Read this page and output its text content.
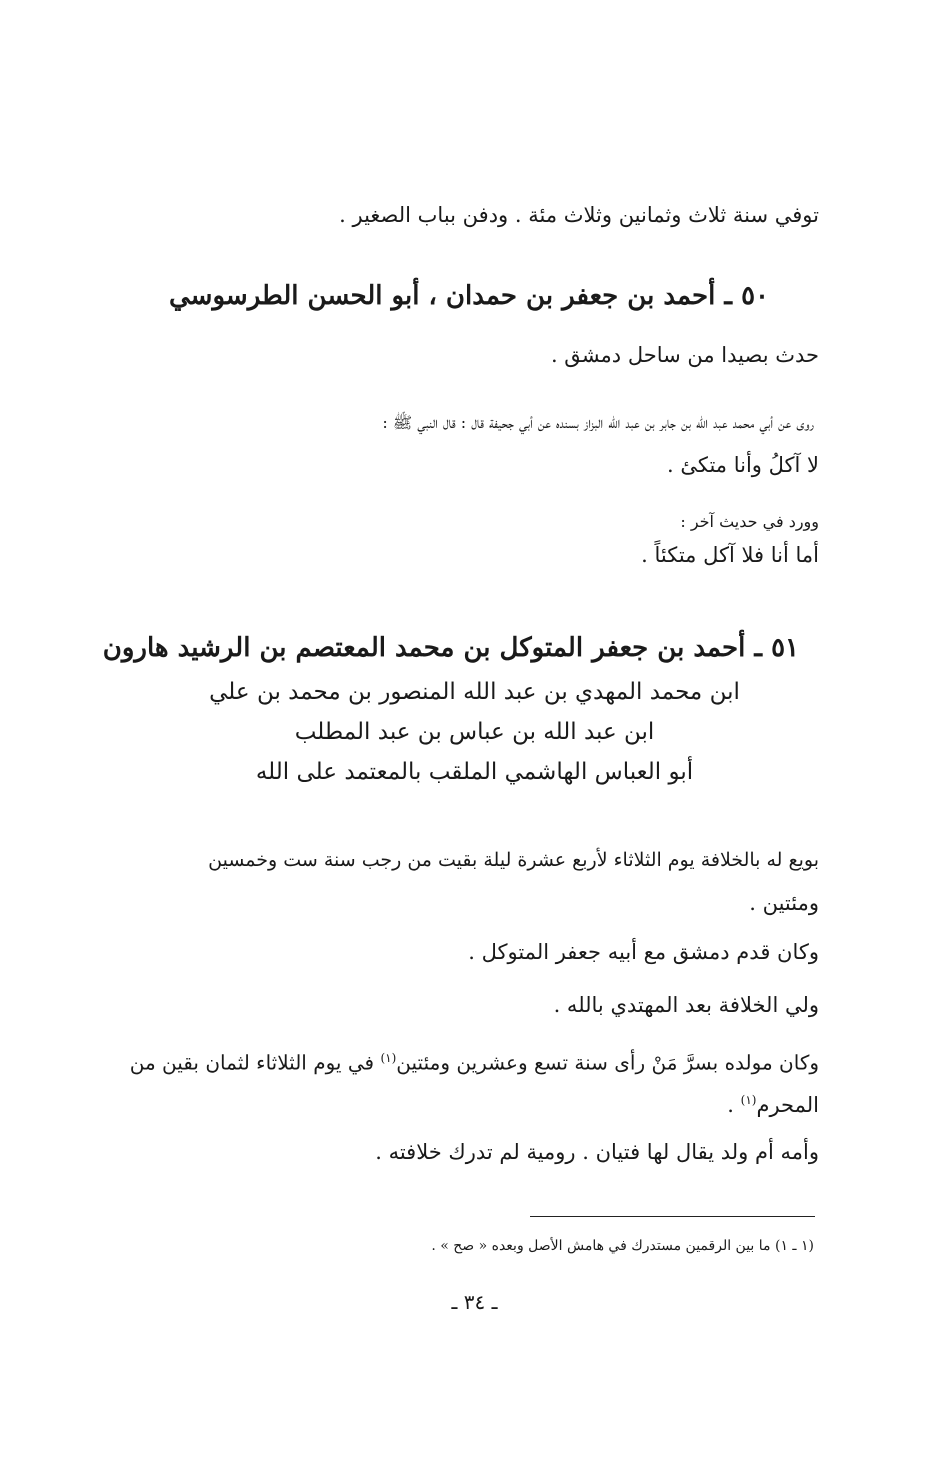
توفي سنة ثلاث وثمانين وثلاث مئة . ودفن بباب الصغير .
٥٠ ـ أحمد بن جعفر بن حمدان ، أبو الحسن الطرسوسي
حدث بصيدا من ساحل دمشق .
روى عن أبي محمد عبد الله بن جابر بن عبد الله البزاز بسنده عن أبي جحيفة قال : قال النبي ﷺ :
لا آكلُ وأنا متكئ .
وورد في حديث آخر :
أما أنا فلا آكل متكئاً .
٥١ ـ أحمد بن جعفر المتوكل بن محمد المعتصم بن الرشيد هارون
ابن محمد المهدي بن عبد الله المنصور بن محمد بن علي
ابن عبد الله بن عباس بن عبد المطلب
أبو العباس الهاشمي الملقب بالمعتمد على الله
بويع له بالخلافة يوم الثلاثاء لأربع عشرة ليلة بقيت من رجب سنة ست وخمسين
ومئتين .
وكان قدم دمشق مع أبيه جعفر المتوكل .
ولي الخلافة بعد المهتدي بالله .
وكان مولده بسرَّ مَنْ رأى سنة تسع وعشرين ومئتين$^{(١)}$ في يوم الثلاثاء لثمان بقين من
المحرم$^{(١)}$ .
وأمه أم ولد يقال لها فتيان . رومية لم تدرك خلافته .
(١ ـ ١) ما بين الرقمين مستدرك في هامش الأصل وبعده « صح » .
ـ ٣٤ ـ
